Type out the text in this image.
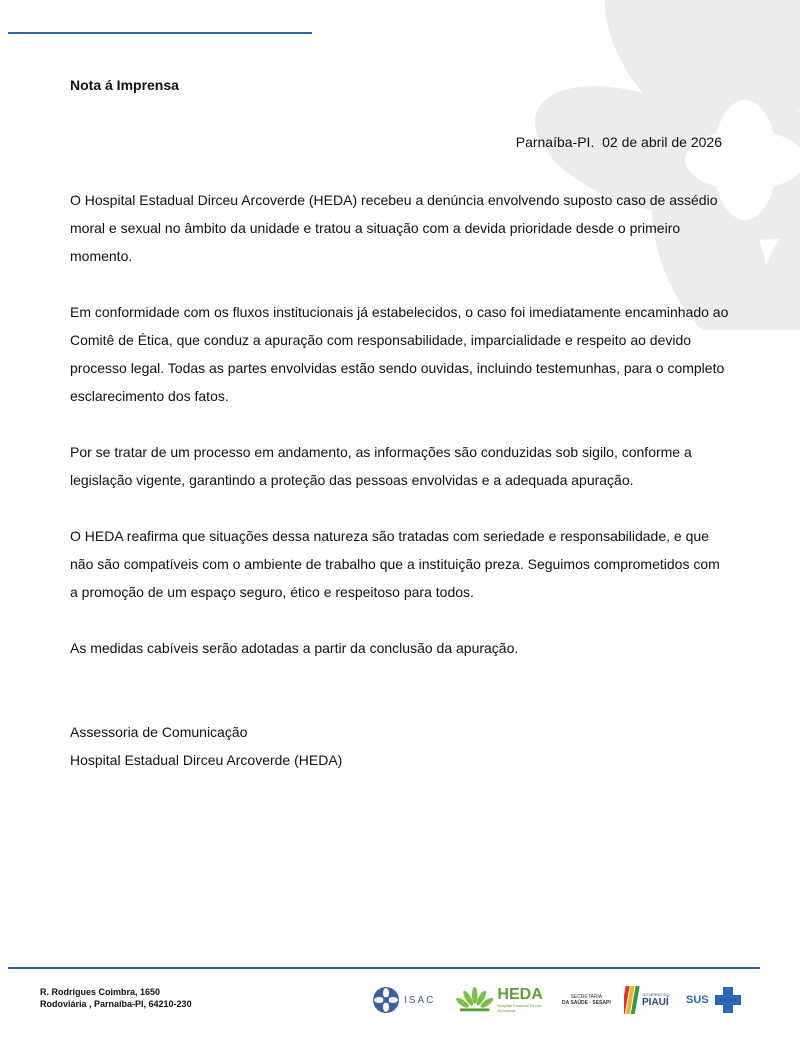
Nota á Imprensa

Parnaíba-PI.  02 de abril de 2026

O Hospital Estadual Dirceu Arcoverde (HEDA) recebeu a denúncia envolvendo suposto caso de assédio moral e sexual no âmbito da unidade e tratou a situação com a devida prioridade desde o primeiro momento.

Em conformidade com os fluxos institucionais já estabelecidos, o caso foi imediatamente encaminhado ao Comitê de Ética, que conduz a apuração com responsabilidade, imparcialidade e respeito ao devido processo legal. Todas as partes envolvidas estão sendo ouvidas, incluindo testemunhas, para o completo esclarecimento dos fatos.

Por se tratar de um processo em andamento, as informações são conduzidas sob sigilo, conforme a legislação vigente, garantindo a proteção das pessoas envolvidas e a adequada apuração.

O HEDA reafirma que situações dessa natureza são tratadas com seriedade e responsabilidade, e que não são compatíveis com o ambiente de trabalho que a instituição preza. Seguimos comprometidos com a promoção de um espaço seguro, ético e respeitoso para todos.

As medidas cabíveis serão adotadas a partir da conclusão da apuração.

Assessoria de Comunicação
Hospital Estadual Dirceu Arcoverde (HEDA)
R. Rodrigues Coimbra, 1650
Rodoviária , Parnaíba-PI, 64210-230	ISAC	HEDA
Hospital Estadual Dirceu Arcoverde
SECRETARIA
DA SAÚDE · SESAPI
GOVERNO DO
PIAUÍ SUS
